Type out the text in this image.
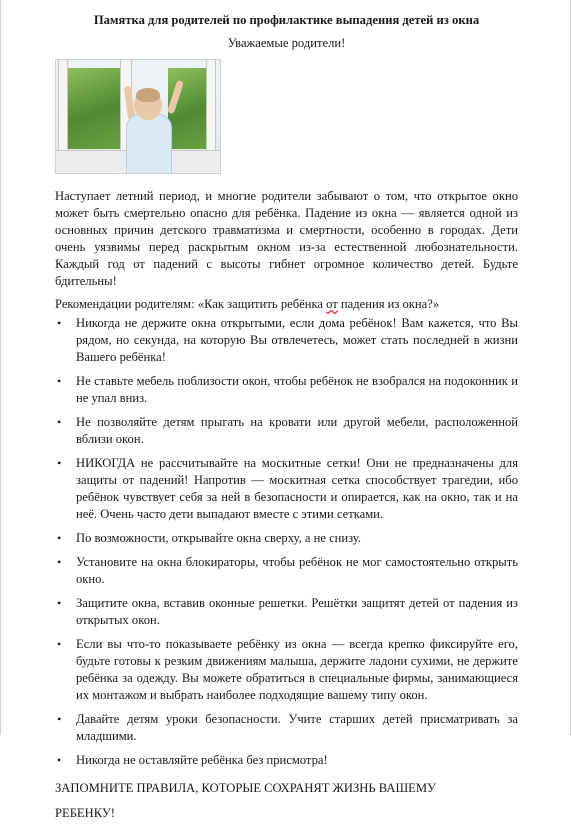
Памятка для родителей по профилактике выпадения детей из окна
Уважаемые родители!

Наступает летний период, и многие родители забывают о том, что открытое окно может быть смертельно опасно для ребёнка. Падение из окна — является одной из основных причин детского травматизма и смертности, особенно в городах. Дети очень уязвимы перед раскрытым окном из-за естественной любознательности. Каждый год от падений с высоты гибнет огромное количество детей. Будьте бдительны!

Рекомендации родителям: «Как защитить ребёнка от падения из окна?»
• Никогда не держите окна открытыми, если дома ребёнок! Вам кажется, что Вы рядом, но секунда, на которую Вы отвлечетесь, может стать последней в жизни Вашего ребёнка!
• Не ставьте мебель поблизости окон, чтобы ребёнок не взобрался на подоконник и не упал вниз.
• Не позволяйте детям прыгать на кровати или другой мебели, расположенной вблизи окон.
• НИКОГДА не рассчитывайте на москитные сетки! Они не предназначены для защиты от падений! Напротив — москитная сетка способствует трагедии, ибо ребёнок чувствует себя за ней в безопасности и опирается, как на окно, так и на неё. Очень часто дети выпадают вместе с этими сетками.
• По возможности, открывайте окна сверху, а не снизу.
• Установите на окна блокираторы, чтобы ребёнок не мог самостоятельно открыть окно.
• Защитите окна, вставив оконные решетки. Решётки защитят детей от падения из открытых окон.
• Если вы что-то показываете ребёнку из окна — всегда крепко фиксируйте его, будьте готовы к резким движениям малыша, держите ладони сухими, не держите ребёнка за одежду. Вы можете обратиться в специальные фирмы, занимающиеся их монтажом и выбрать наиболее подходящие вашему типу окон.
• Давайте детям уроки безопасности. Учите старших детей присматривать за младшими.
• Никогда не оставляйте ребёнка без присмотра!
ЗАПОМНИТЕ ПРАВИЛА, КОТОРЫЕ СОХРАНЯТ ЖИЗНЬ ВАШЕМУ
РЕБЕНКУ!
